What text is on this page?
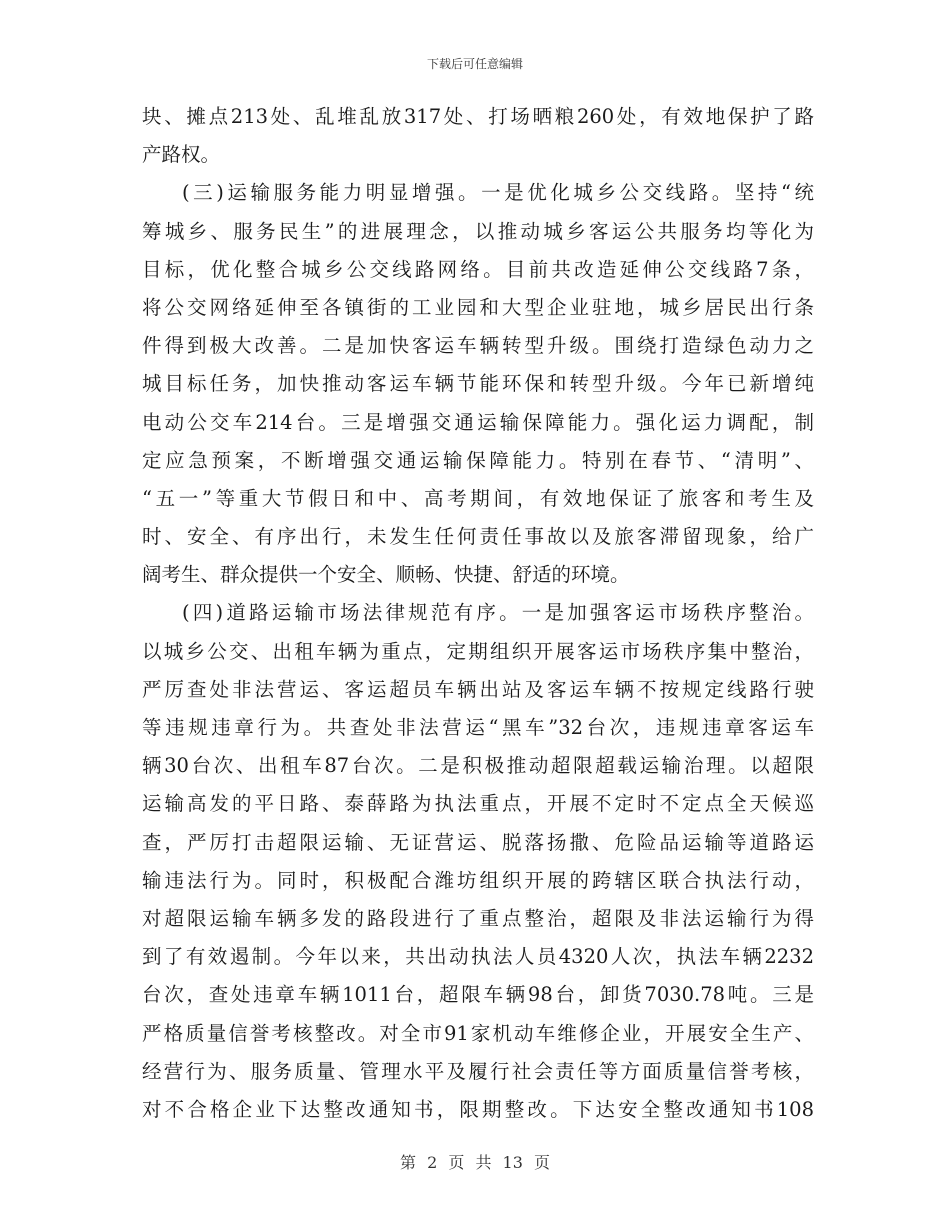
下载后可任意编辑
块、摊点213处、乱堆乱放317处、打场晒粮260处，有效地保护了路
产路权。
(三)运输服务能力明显增强。一是优化城乡公交线路。坚持“统
筹城乡、服务民生”的进展理念，以推动城乡客运公共服务均等化为
目标，优化整合城乡公交线路网络。目前共改造延伸公交线路7条，
将公交网络延伸至各镇街的工业园和大型企业驻地，城乡居民出行条
件得到极大改善。二是加快客运车辆转型升级。围绕打造绿色动力之
城目标任务，加快推动客运车辆节能环保和转型升级。今年已新增纯
电动公交车214台。三是增强交通运输保障能力。强化运力调配，制
定应急预案，不断增强交通运输保障能力。特别在春节、“清明”、
“五一”等重大节假日和中、高考期间，有效地保证了旅客和考生及
时、安全、有序出行，未发生任何责任事故以及旅客滞留现象，给广
阔考生、群众提供一个安全、顺畅、快捷、舒适的环境。
(四)道路运输市场法律规范有序。一是加强客运市场秩序整治。
以城乡公交、出租车辆为重点，定期组织开展客运市场秩序集中整治，
严厉查处非法营运、客运超员车辆出站及客运车辆不按规定线路行驶
等违规违章行为。共查处非法营运“黑车”32台次，违规违章客运车
辆30台次、出租车87台次。二是积极推动超限超载运输治理。以超限
运输高发的平日路、泰薛路为执法重点，开展不定时不定点全天候巡
查，严厉打击超限运输、无证营运、脱落扬撒、危险品运输等道路运
输违法行为。同时，积极配合潍坊组织开展的跨辖区联合执法行动，
对超限运输车辆多发的路段进行了重点整治，超限及非法运输行为得
到了有效遏制。今年以来，共出动执法人员4320人次，执法车辆2232
台次，查处违章车辆1011台，超限车辆98台，卸货7030.78吨。三是
严格质量信誉考核整改。对全市91家机动车维修企业，开展安全生产、
经营行为、服务质量、管理水平及履行社会责任等方面质量信誉考核，
对不合格企业下达整改通知书，限期整改。下达安全整改通知书108
第 2 页 共 13 页
